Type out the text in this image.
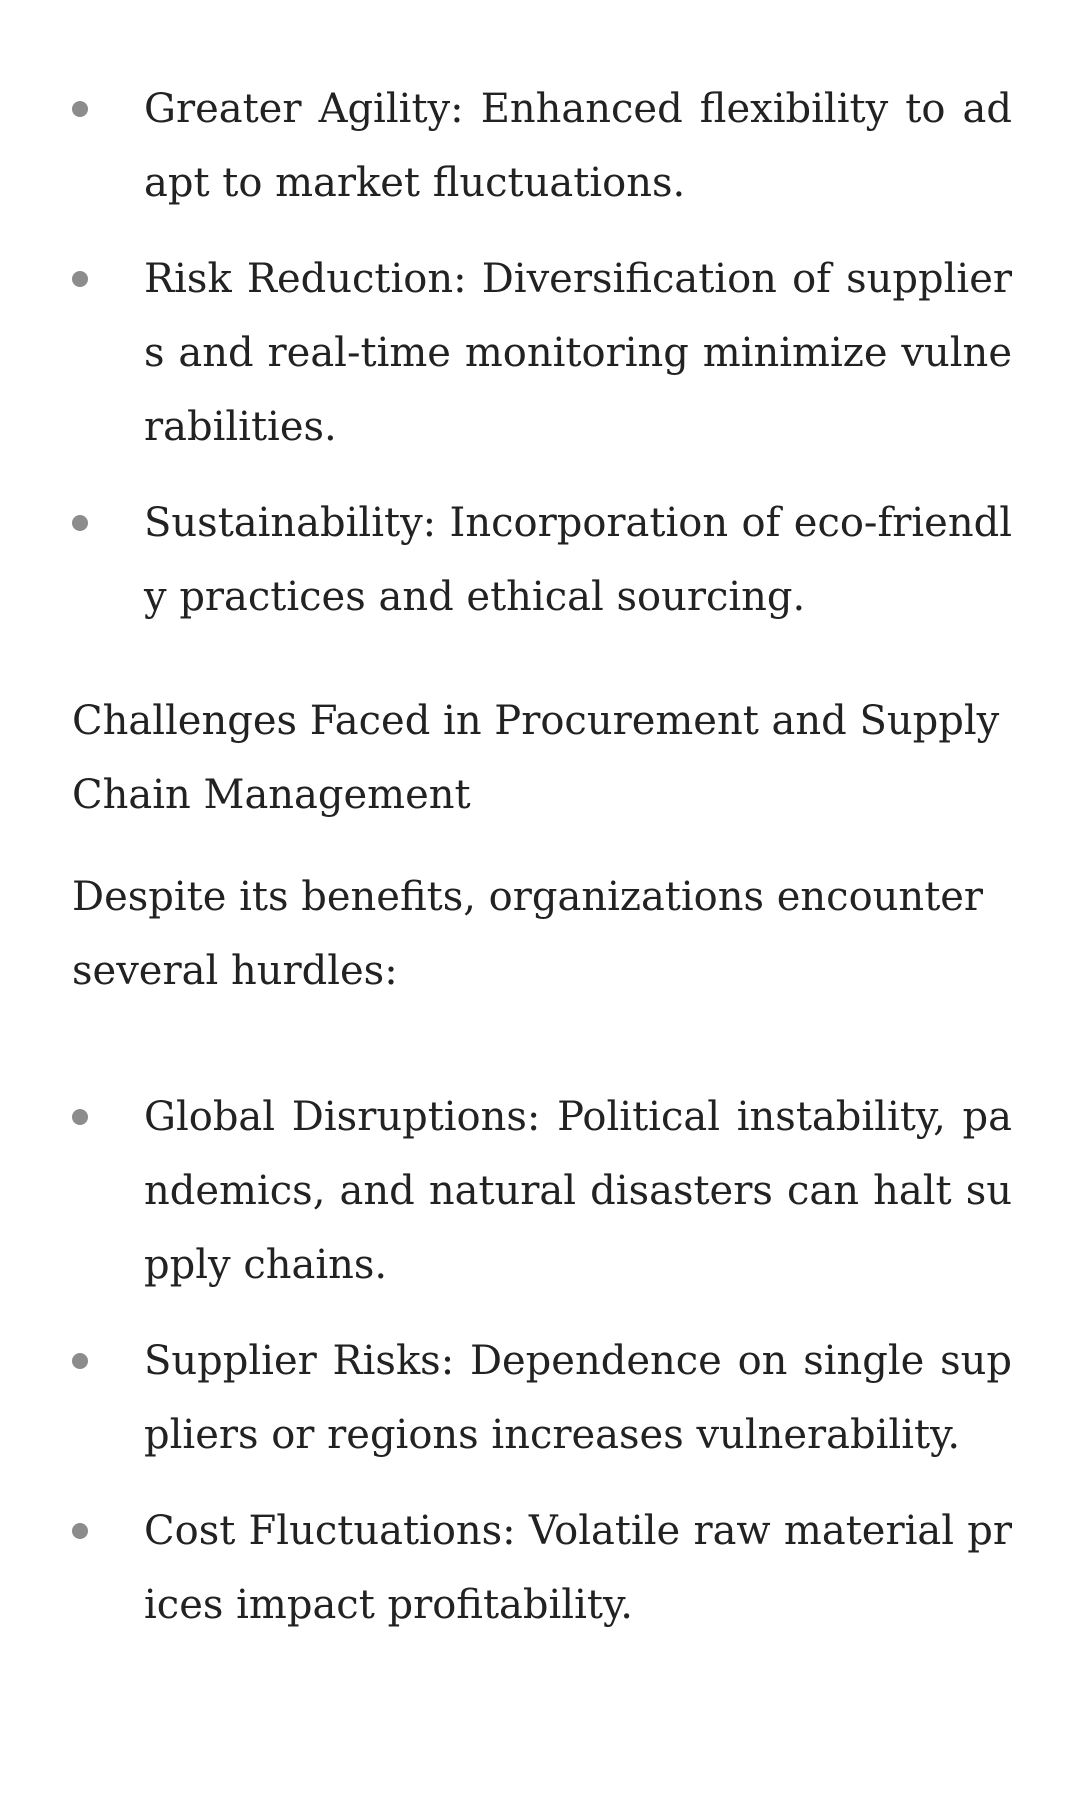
Greater Agility: Enhanced flexibility to adapt to market fluctuations.
Risk Reduction: Diversification of suppliers and real-time monitoring minimize vulnerabilities.
Sustainability: Incorporation of eco-friendly practices and ethical sourcing.
Challenges Faced in Procurement and Supply Chain Management

Despite its benefits, organizations encounter several hurdles:

Global Disruptions: Political instability, pandemics, and natural disasters can halt supply chains.
Supplier Risks: Dependence on single suppliers or regions increases vulnerability.
Cost Fluctuations: Volatile raw material prices impact profitability.
